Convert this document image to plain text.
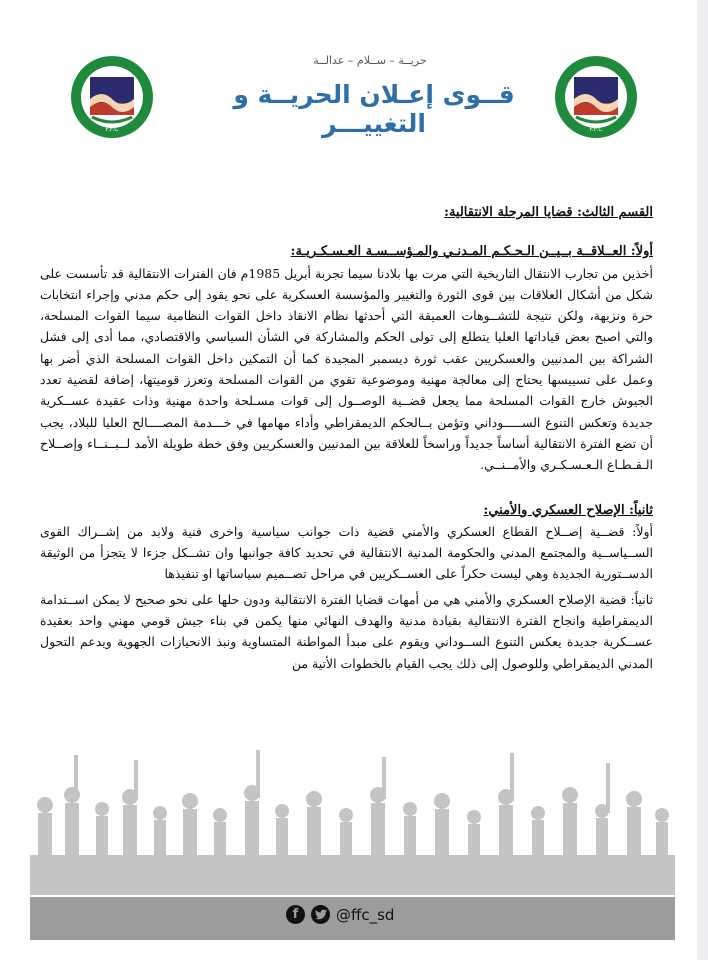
F.F.C	F.F.C
حريــة – ســلام – عدالــة
قــوى إعـلان الحريــة و التغييـــر
القسم الثالث: قضايا المرحلة الانتقالية:
أولاً: العــلاقــة بــيــن الـحـكـم المـدنـي والمـؤســسـة العـسـكـريـة:

أخذين من تجارب الانتقال التاريخية التي مرت بها بلادنا سيما تجربة أبريل 1985م فان الفترات الانتقالية قد تأسست على شكل من أشكال العلاقات بين قوى الثورة والتغيير والمؤسسة العسكرية على نحو يقود إلى حكم مدني وإجراء انتخابات حرة ونزيهة، ولكن نتيجة للتشــوهات العميقة التي أحدثها نظام الانقاذ داخل القوات النظامية سيما القوات المسلحة، والتي اصبح بعض قياداتها العليا يتطلع إلى تولى الحكم والمشاركة في الشأن السياسي والاقتصادي، مما أدى إلى فشل الشراكة بين المدنيين والعسكريين عقب ثورة ديسمبر المجيدة كما أن التمكين داخل القوات المسلحة الذي أضر بها وعمل على تسييسها يحتاج إلى معالجة مهنية وموضوعية تقوي من القوات المسلحة وتعزز قوميتها، إضافة لقضية تعدد الجيوش خارج القوات المسلحة مما يجعل قضــية الوصــول إلى قوات مسـلحة واحدة مهنية وذات عقيدة عســكرية جديدة وتعكس التنوع الســـــوداني وتؤمن بــالحكم الديمقراطي وأداء مهامها في خـــدمة المصــــالح العليا للبلاد، يجب أن تضع الفترة الانتقالية أساساً جديداً وراسخاً للعلاقة بين المدنيين والعسكريين وفق خطة طويلة الأمد لــبــنــاء وإصــلاح الـقـطـاع الـعـسـكـري والأمــنــي.

ثانياً: الإصلاح العسكري والأمني:

أولاً: قضــية إصــلاح القطاع العسكري والأمني قضية ذات جوانب سياسية واخرى فنية ولابد من إشــراك القوى الســياســية والمجتمع المدني والحكومة المدنية الانتقالية في تحديد كافة جوانبها وان تشــكل جزءا لا يتجزأ من الوثيقة الدســتورية الجديدة وهي ليست حكراً على العســكريين في مراحل تصــميم سياساتها او تنفيذها

ثانياً: قضية الإصلاح العسكري والأمني هي من أمهات قضايا الفترة الانتقالية ودون حلها على نحو صحيح لا يمكن اســتدامة الديمقراطية وانجاح الفترة الانتقالية بقيادة مدنية والهدف النهائي منها يكمن في بناء جيش قومي مهني واحد بعقيدة عســكرية جديدة يعكس التنوع الســوداني ويقوم على مبدأ المواطنة المتساوية ونبذ الانحيازات الجهوية ويدعم التحول المدني الديمقراطي وللوصول إلى ذلك يجب القيام بالخطوات الأتية من

f	@ffc_sd
